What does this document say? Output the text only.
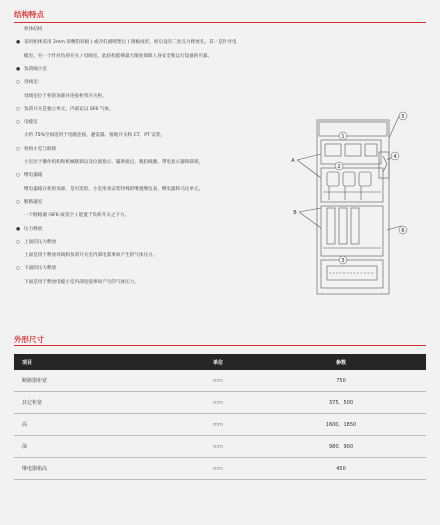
结构特点
柜体结构
● 采用柜体采用 2mm 厚敷铝锌板 ( 或冷轧板喷塑后 ) 钢板成形，柜后设有二处压力释放孔。其一是针对电
缆室。另一个针对负荷开关 / 母线室。此结构能够最大限度保障人身安全和运行设备的可靠。
● 负荷隔小室
○ 母线室：
母线室位于柜的顶部并连接柜邻开关柜。
○ 负荷开关是独立单元，内部充以 SF6 气体。
○ 电缆室
大约 75%空间适用于电缆连接、避雷器、接地开关和 CT、PT 安装。
○ 机构小室与联锁
小室位于操作机构和机械联锁以及位置指示、辅助接点、脱扣线圈、带电显示器和联锁。
○ 继电器箱
继电器箱在柜的顶部，是可选的。小室用来安装特殊的继置继仪表、继电器和马达单元。
○ 断路器室
一个断路器 (SF6 或真空 ) 能置于负荷开关之下方。
● 压力释放
○ 上面的压力释放
上面是用于释放母线和负荷开关室内部电弧事故产生的气体压力。
○ 下面的压力释放
下面是用于释放电缆小室内部电弧事故产生的气体压力。
1
2
3
4
5
6
A
B
外形尺寸
项目	单位	参数
断路器柜宽	mm	750
其它柜宽	mm	375、500
高	mm	1600、1850
深	mm	980、900
继电器箱高	mm	450
